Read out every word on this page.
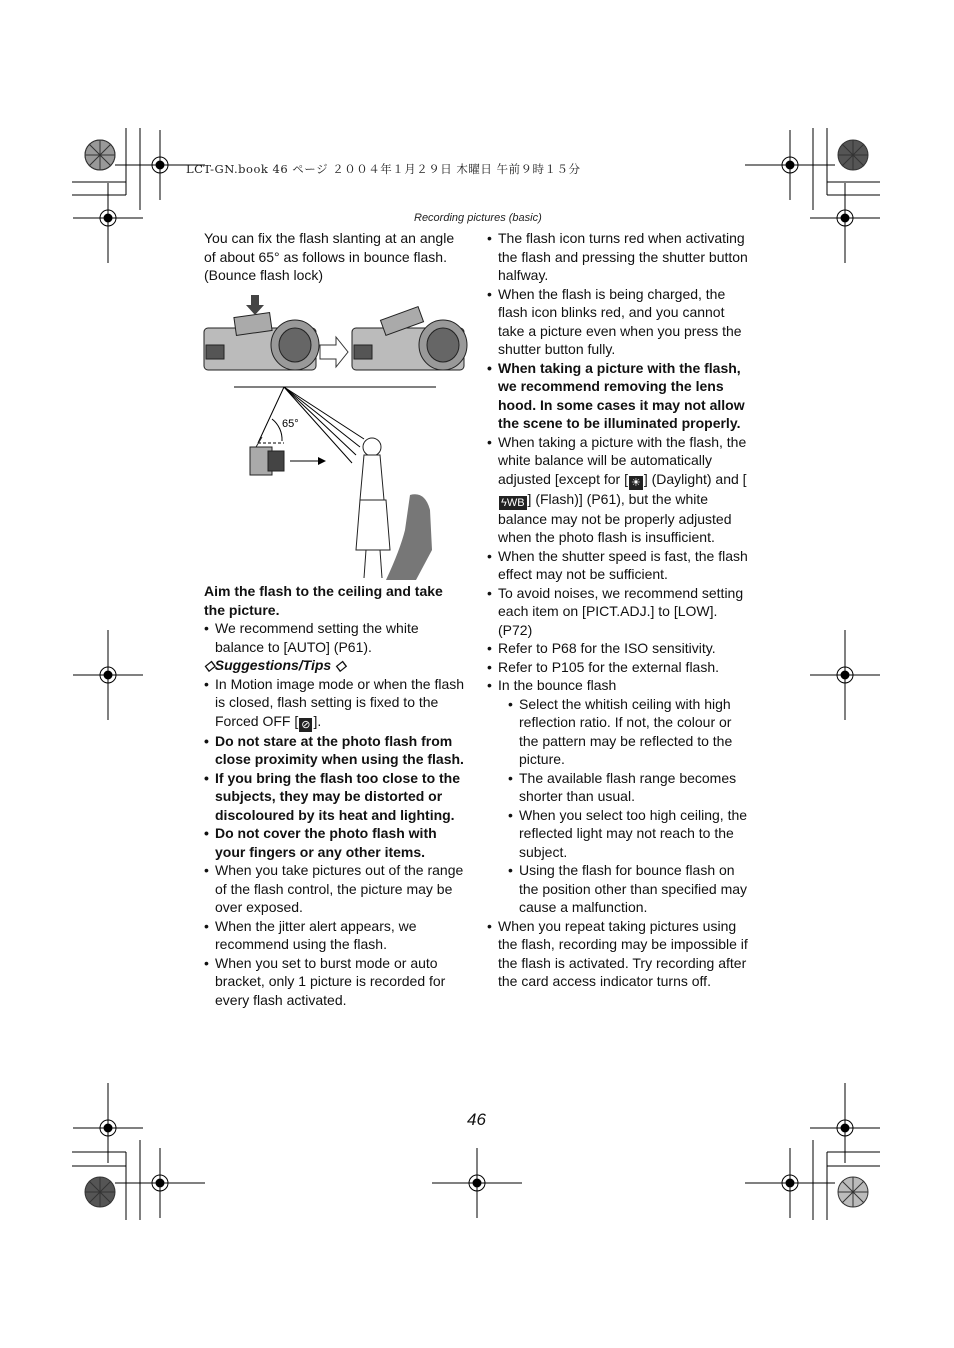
LCT-GN.book 46 ページ ２００４年１月２９日 木曜日 午前９時１５分
Recording pictures (basic)

You can fix the flash slanting at an angle of about 65° as follows in bounce flash. (Bounce flash lock)

65°

Aim the flash to the ceiling and take the picture.

• We recommend setting the white balance to [AUTO] (P61).

◇Suggestions/Tips ◇

• In Motion image mode or when the flash is closed, flash setting is fixed to the Forced OFF [ ⊘ ].

• Do not stare at the photo flash from close proximity when using the flash.

• If you bring the flash too close to the subjects, they may be distorted or discoloured by its heat and lighting.

• Do not cover the photo flash with your fingers or any other items.

• When you take pictures out of the range of the flash control, the picture may be over exposed.

• When the jitter alert appears, we recommend using the flash.

• When you set to burst mode or auto bracket, only 1 picture is recorded for every flash activated.

• The flash icon turns red when activating the flash and pressing the shutter button halfway.

• When the flash is being charged, the flash icon blinks red, and you cannot take a picture even when you press the shutter button fully.

• When taking a picture with the flash, we recommend removing the lens hood. In some cases it may not allow the scene to be illuminated properly.

• When taking a picture with the flash, the white balance will be automatically adjusted [except for [ ☀ ] (Daylight) and [ϟWB ] (Flash)] (P61), but the white balance may not be properly adjusted when the photo flash is insufficient.

• When the shutter speed is fast, the flash effect may not be sufficient.

• To avoid noises, we recommend setting each item on [PICT.ADJ.] to [LOW]. (P72)

• Refer to P68 for the ISO sensitivity.

• Refer to P105 for the external flash.

• In the bounce flash

• Select the whitish ceiling with high reflection ratio. If not, the colour or the pattern may be reflected to the picture.

• The available flash range becomes shorter than usual.

• When you select too high ceiling, the reflected light may not reach to the subject.

• Using the flash for bounce flash on the position other than specified may cause a malfunction.

• When you repeat taking pictures using the flash, recording may be impossible if the flash is activated. Try recording after the card access indicator turns off.

46
